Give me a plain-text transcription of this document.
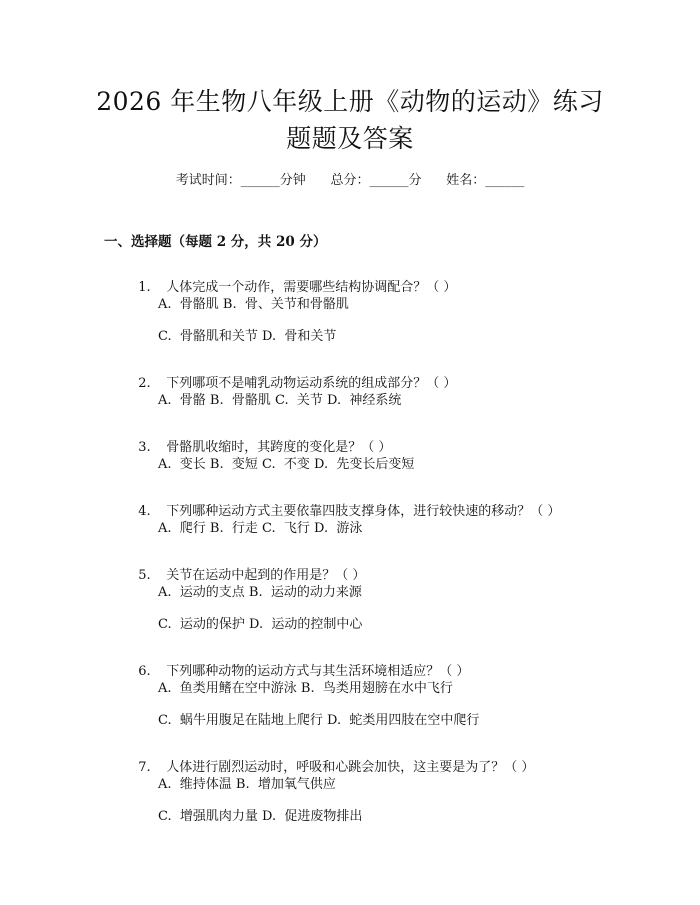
2026 年生物八年级上册《动物的运动》练习
题题及答案
考试时间：______分钟      总分：______分      姓名：______
一、选择题（每题 2 分，共 20 分）

1. 人体完成一个动作，需要哪些结构协调配合？（ ）

A.  骨骼肌 B.  骨、关节和骨骼肌
C.  骨骼肌和关节 D.  骨和关节

2. 下列哪项不是哺乳动物运动系统的组成部分？（ ）

A.  骨骼 B.  骨骼肌 C.  关节 D.  神经系统

3. 骨骼肌收缩时，其跨度的变化是？（ ）

A.  变长 B.  变短 C.  不变 D.  先变长后变短

4. 下列哪种运动方式主要依靠四肢支撑身体，进行较快速的移动？（ ）

A.  爬行 B.  行走 C.  飞行 D.  游泳

5. 关节在运动中起到的作用是？（ ）

A.  运动的支点 B.  运动的动力来源
C.  运动的保护 D.  运动的控制中心

6. 下列哪种动物的运动方式与其生活环境相适应？（ ）

A.  鱼类用鳍在空中游泳 B.  鸟类用翅膀在水中飞行
C.  蜗牛用腹足在陆地上爬行 D.  蛇类用四肢在空中爬行

7. 人体进行剧烈运动时，呼吸和心跳会加快，这主要是为了？（ ）

A.  维持体温 B.  增加氧气供应
C.  增强肌肉力量 D.  促进废物排出
